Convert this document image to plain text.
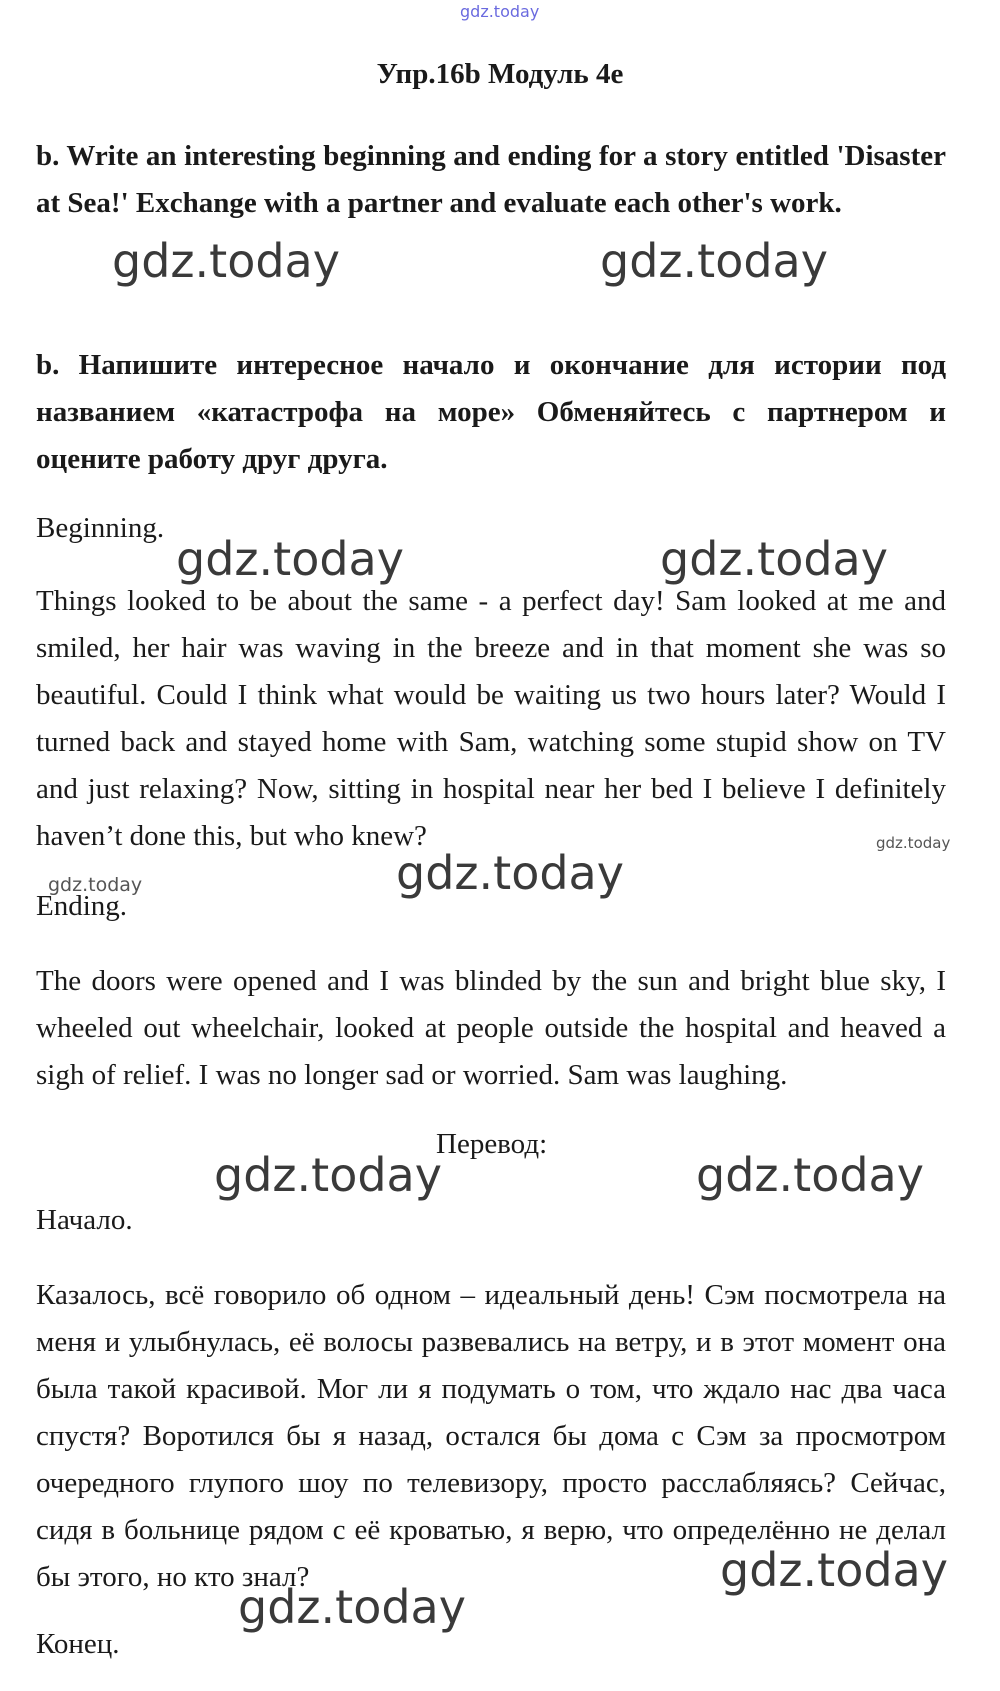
gdz.today
Упр.16b Модуль 4e

b. Write an interesting beginning and ending for a story entitled 'Disaster at Sea!' Exchange with a partner and evaluate each other's work.

gdz.today	gdz.today

b. Напишите интересное начало и окончание для истории под названием «катастрофа на море» Обменяйтесь с партнером и оцените работу друг друга.

Beginning.
gdz.today	gdz.today

Things looked to be about the same - a perfect day! Sam looked at me and smiled, her hair was waving in the breeze and in that moment she was so beautiful. Could I think what would be waiting us two hours later? Would I turned back and stayed home with Sam, watching some stupid show on TV and just relaxing? Now, sitting in hospital near her bed I believe I definitely haven’t done this, but who knew?	gdz.today
gdz.today
gdz.today
Ending.

The doors were opened and I was blinded by the sun and bright blue sky, I wheeled out wheelchair, looked at people outside the hospital and heaved a sigh of relief. I was no longer sad or worried. Sam was laughing.

Перевод:
gdz.today	gdz.today
Начало.

Казалось, всё говорило об одном – идеальный день! Сэм посмотрела на меня и улыбнулась, её волосы развевались на ветру, и в этот момент она была такой красивой. Мог ли я подумать о том, что ждало нас два часа спустя? Воротился бы я назад, остался бы дома с Сэм за просмотром очередного глупого шоу по телевизору, просто расслабляясь? Сейчас, сидя в больнице рядом с её кроватью, я верю, что определённо не делал бы этого, но кто знал?	gdz.today
gdz.today
Конец.
